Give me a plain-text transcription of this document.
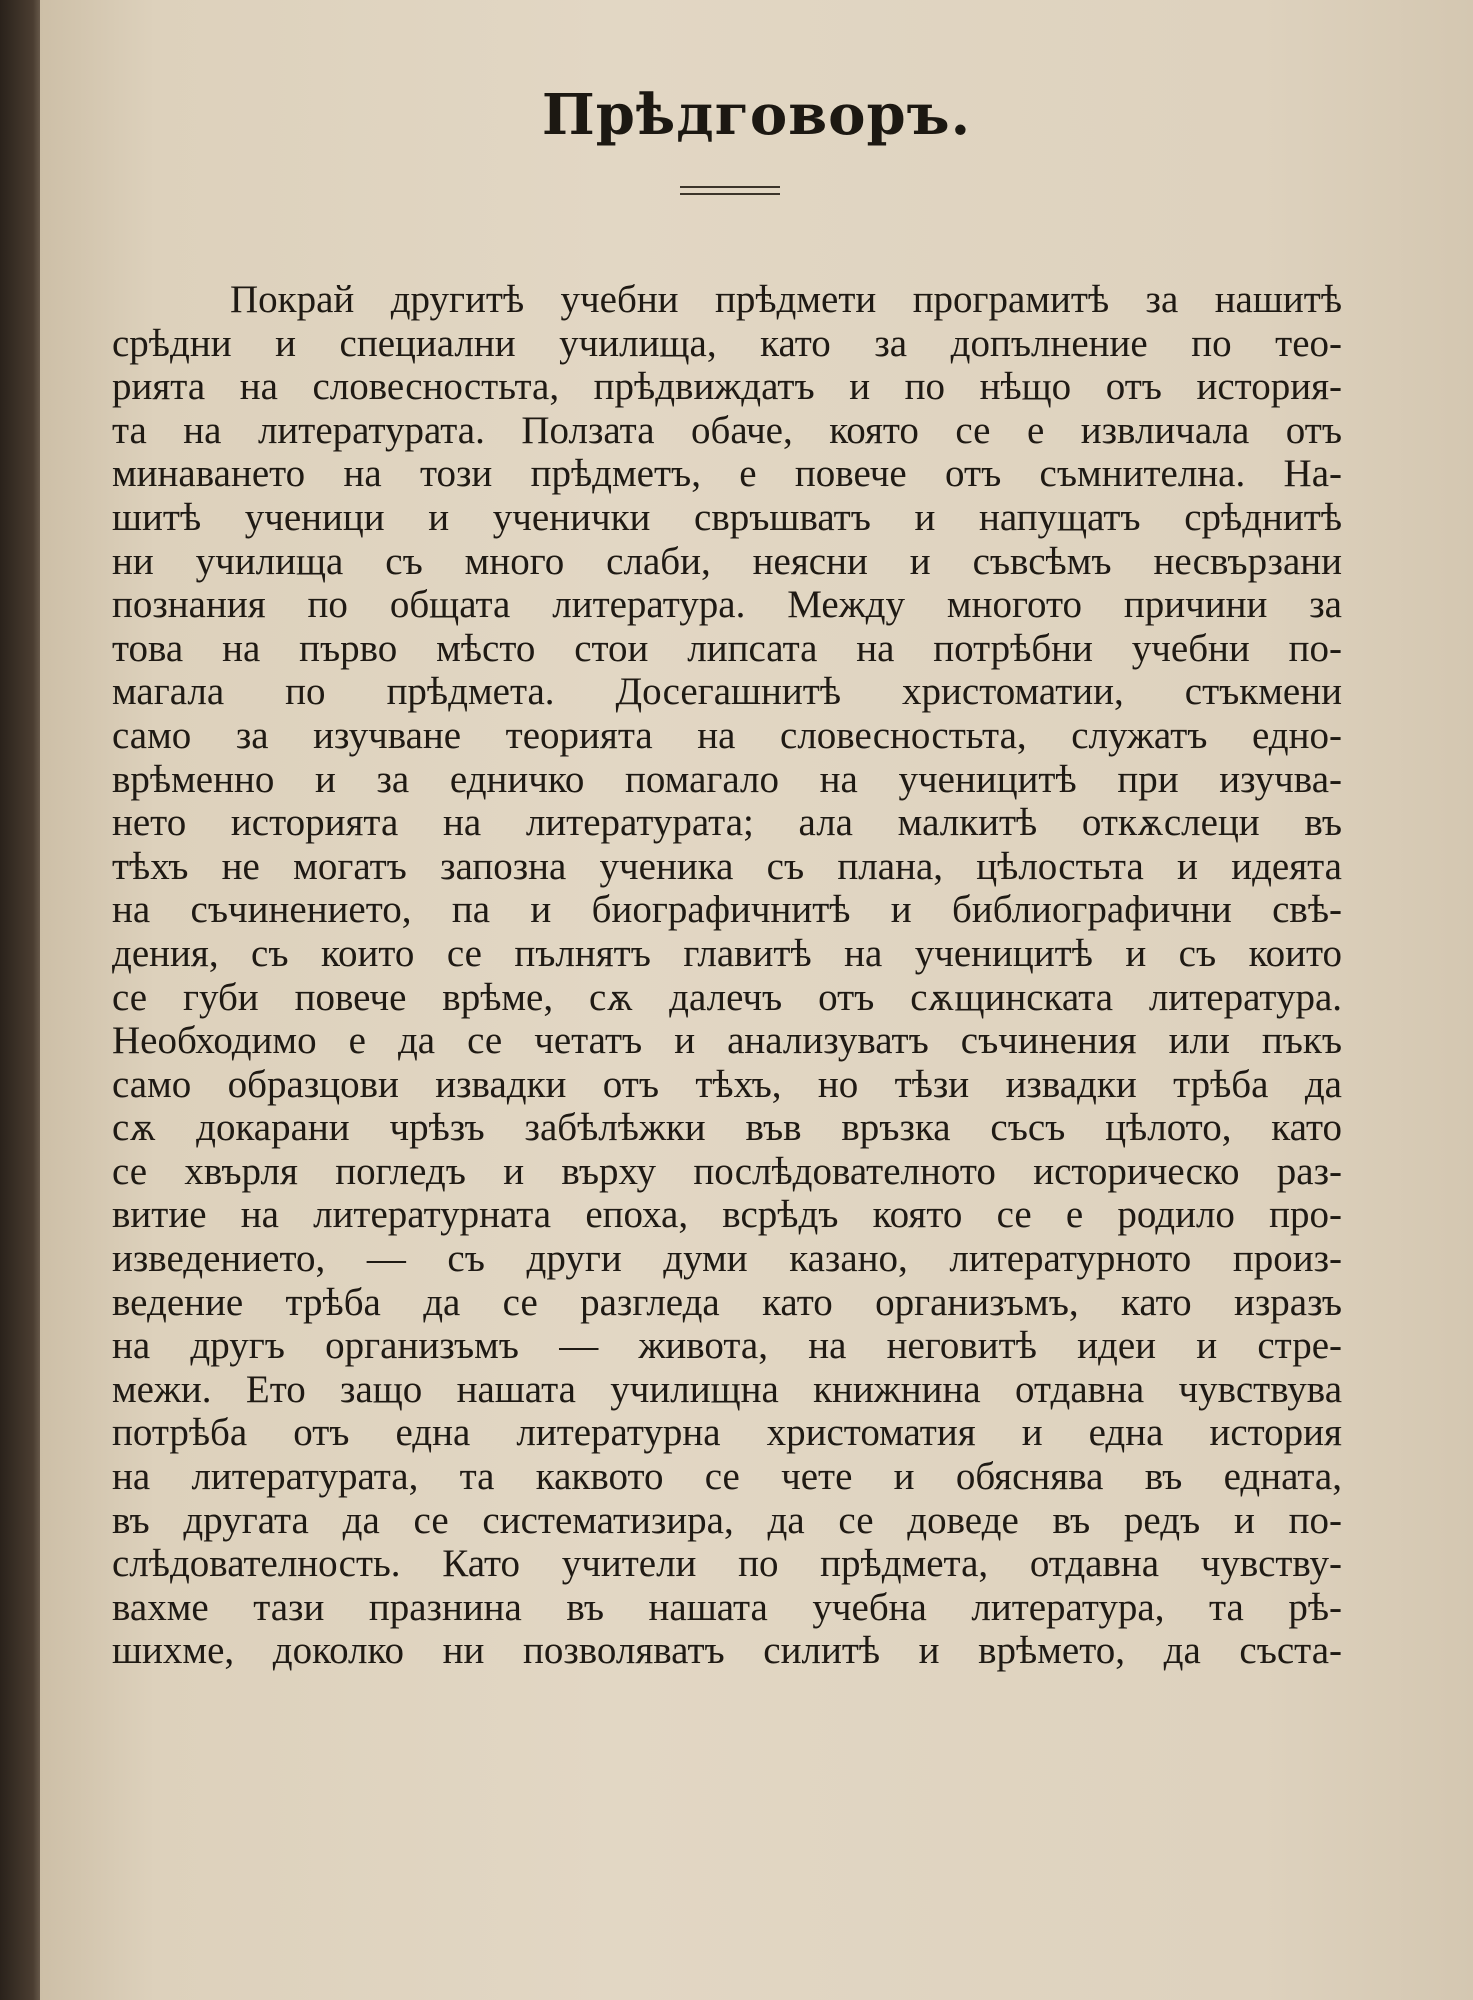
Прѣдговоръ.
Покрай другитѣ учебни прѣдмети програмитѣ за нашитѣ
срѣдни и специални училища, като за допълнение по тео-
рията на словесностьта, прѣдвиждатъ и по нѣщо отъ история-
та на литературата. Ползата обаче, която се е извличала отъ
минаването на този прѣдметъ, е повече отъ съмнителна. На-
шитѣ ученици и ученички свръшватъ и напущатъ срѣднитѣ
ни училища съ много слаби, неясни и съвсѣмъ несвързани
познания по общата литература. Между многото причини за
това на първо мѣсто стои липсата на потрѣбни учебни по-
магала по прѣдмета. Досегашнитѣ христоматии, стъкмени
само за изучване теорията на словесностьта, служатъ едно-
врѣменно и за едничко помагало на ученицитѣ при изучва-
нето историята на литературата; ала малкитѣ откѫслеци въ
тѣхъ не могатъ запозна ученика съ плана, цѣлостьта и идеята
на съчинението, па и биографичнитѣ и библиографични свѣ-
дения, съ които се пълнятъ главитѣ на ученицитѣ и съ които
се губи повече врѣме, сѫ далечъ отъ сѫщинската литература.
Необходимо е да се четатъ и анализуватъ съчинения или пъкъ
само образцови извадки отъ тѣхъ, но тѣзи извадки трѣба да
сѫ докарани чрѣзъ забѣлѣжки във връзка съсъ цѣлото, като
се хвърля погледъ и върху послѣдователното историческо раз-
витие на литературната епоха, всрѣдъ която се е родило про-
изведението, — съ други думи казано, литературното произ-
ведение трѣба да се разгледа като организъмъ, като изразъ
на другъ организъмъ — живота, на неговитѣ идеи и стре-
межи. Ето защо нашата училищна книжнина отдавна чувствува
потрѣба отъ една литературна христоматия и една история
на литературата, та каквото се чете и обяснява въ едната,
въ другата да се систематизира, да се доведе въ редъ и по-
слѣдователность. Като учители по прѣдмета, отдавна чувству-
вахме тази празнина въ нашата учебна литература, та рѣ-
шихме, доколко ни позволяватъ силитѣ и врѣмето, да съста-
